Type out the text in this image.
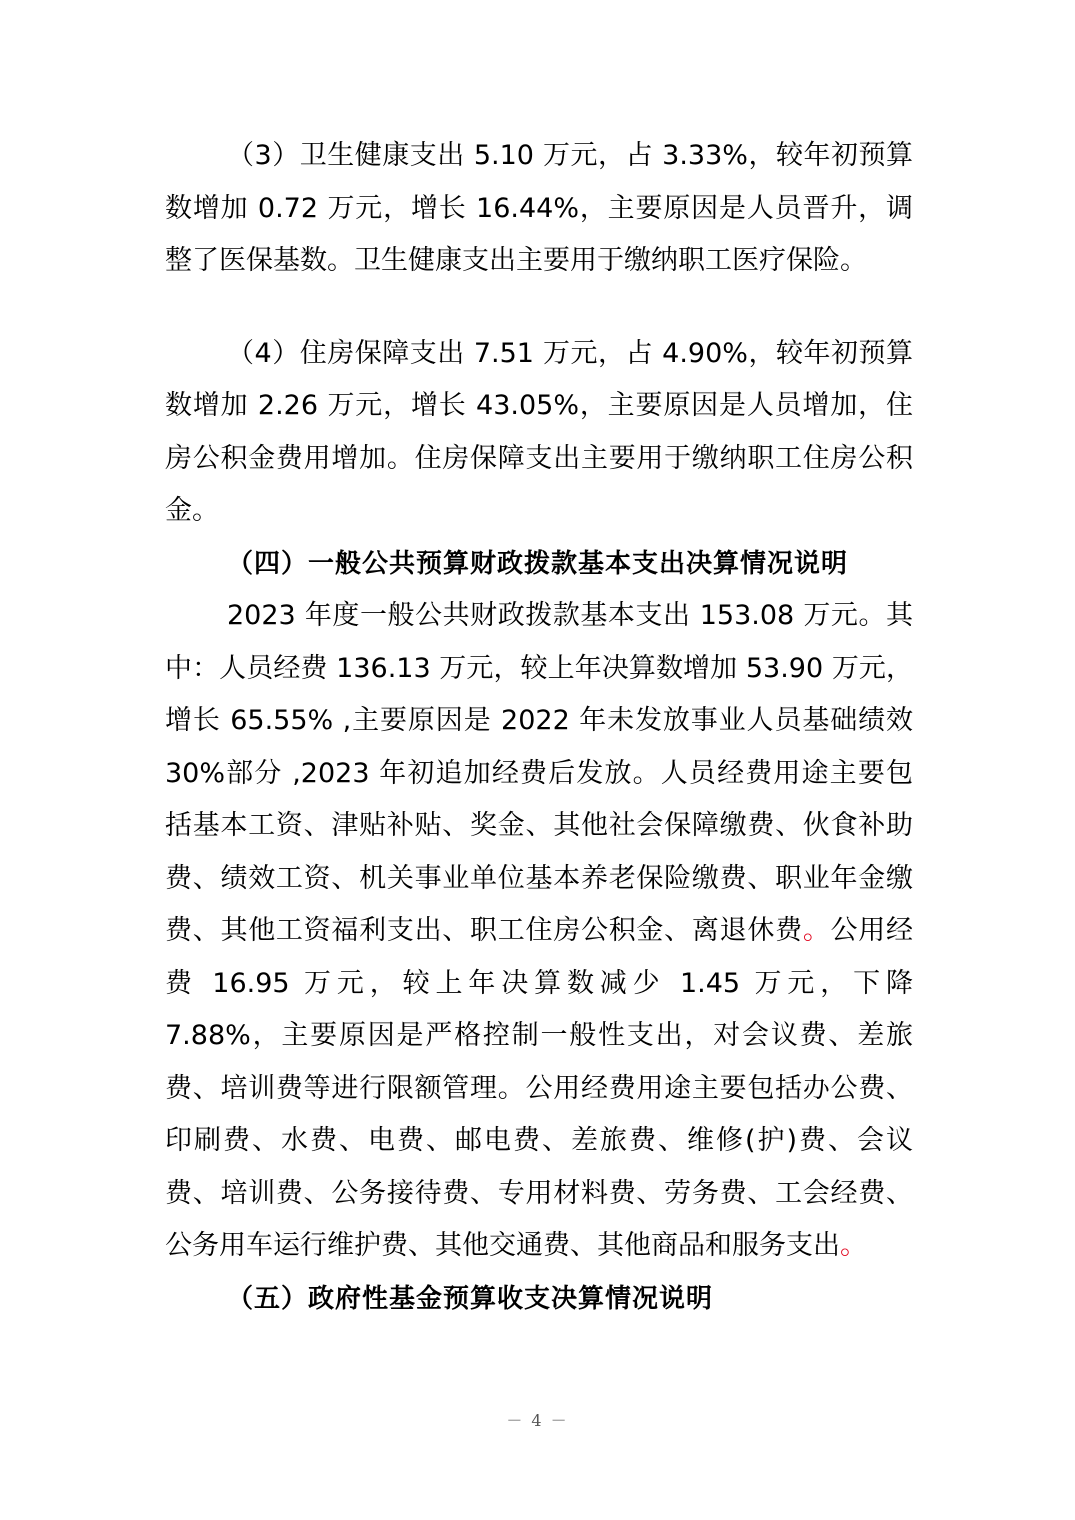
（3）卫生健康支出 5.10 万元，占 3.33%，较年初预算数增加 0.72 万元，增长 16.44%，主要原因是人员晋升，调整了医保基数。卫生健康支出主要用于缴纳职工医疗保险。

（4）住房保障支出 7.51 万元，占 4.90%，较年初预算数增加 2.26 万元，增长 43.05%，主要原因是人员增加，住房公积金费用增加。住房保障支出主要用于缴纳职工住房公积金。

（四）一般公共预算财政拨款基本支出决算情况说明

2023 年度一般公共财政拨款基本支出 153.08 万元。其中：人员经费 136.13 万元，较上年决算数增加 53.90 万元，增长 65.55% ,主要原因是 2022 年未发放事业人员基础绩效 30%部分 ,2023 年初追加经费后发放。人员经费用途主要包括基本工资、津贴补贴、奖金、其他社会保障缴费、伙食补助费、绩效工资、机关事业单位基本养老保险缴费、职业年金缴费、其他工资福利支出、职工住房公积金、离退休费。公用经费 16.95 万元，较上年决算数减少 1.45 万元，下降 7.88%，主要原因是严格控制一般性支出，对会议费、差旅费、培训费等进行限额管理。公用经费用途主要包括办公费、印刷费、水费、电费、邮电费、差旅费、维修(护)费、会议费、培训费、公务接待费、专用材料费、劳务费、工会经费、公务用车运行维护费、其他交通费、其他商品和服务支出。

（五）政府性基金预算收支决算情况说明

－ 4 －
